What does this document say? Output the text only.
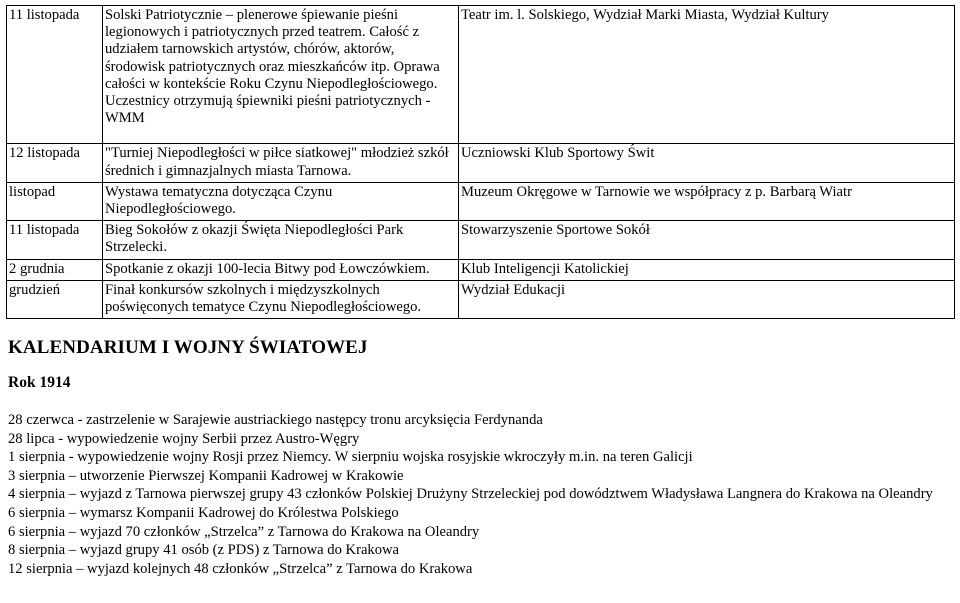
11 listopada	Solski Patriotycznie – plenerowe śpiewanie pieśni legionowych i patriotycznych przed teatrem. Całość z udziałem tarnowskich artystów, chórów, aktorów, środowisk patriotycznych oraz mieszkańców itp. Oprawa całości w kontekście Roku Czynu Niepodległościowego. Uczestnicy otrzymują śpiewniki pieśni patriotycznych - WMM	Teatr im. l. Solskiego, Wydział Marki Miasta, Wydział Kultury
12 listopada	"Turniej Niepodległości w piłce siatkowej" młodzież szkół średnich i gimnazjalnych miasta Tarnowa.	Uczniowski Klub Sportowy Świt
listopad	Wystawa tematyczna dotycząca Czynu Niepodległościowego.	Muzeum Okręgowe w Tarnowie we współpracy z p. Barbarą Wiatr
11 listopada	Bieg Sokołów z okazji Święta Niepodległości Park Strzelecki.	Stowarzyszenie Sportowe Sokół
2 grudnia	Spotkanie z okazji 100-lecia Bitwy pod Łowczówkiem.	Klub Inteligencji Katolickiej
grudzień	Finał konkursów szkolnych i międzyszkolnych poświęconych tematyce Czynu Niepodległościowego.	Wydział Edukacji
KALENDARIUM I WOJNY ŚWIATOWEJ
Rok 1914

28 czerwca - zastrzelenie w Sarajewie austriackiego następcy tronu arcyksięcia Ferdynanda

28 lipca - wypowiedzenie wojny Serbii przez Austro-Węgry

1 sierpnia - wypowiedzenie wojny Rosji przez Niemcy. W sierpniu wojska rosyjskie wkroczyły m.in. na teren Galicji

3 sierpnia – utworzenie Pierwszej Kompanii Kadrowej w Krakowie

4 sierpnia – wyjazd z Tarnowa pierwszej grupy 43 członków Polskiej Drużyny Strzeleckiej pod dowództwem Władysława Langnera do Krakowa na Oleandry

6 sierpnia – wymarsz Kompanii Kadrowej do Królestwa Polskiego

6 sierpnia – wyjazd 70 członków „Strzelca” z Tarnowa do Krakowa na Oleandry

8 sierpnia – wyjazd grupy 41 osób (z PDS) z Tarnowa do Krakowa

12 sierpnia – wyjazd kolejnych 48 członków „Strzelca” z Tarnowa do Krakowa
